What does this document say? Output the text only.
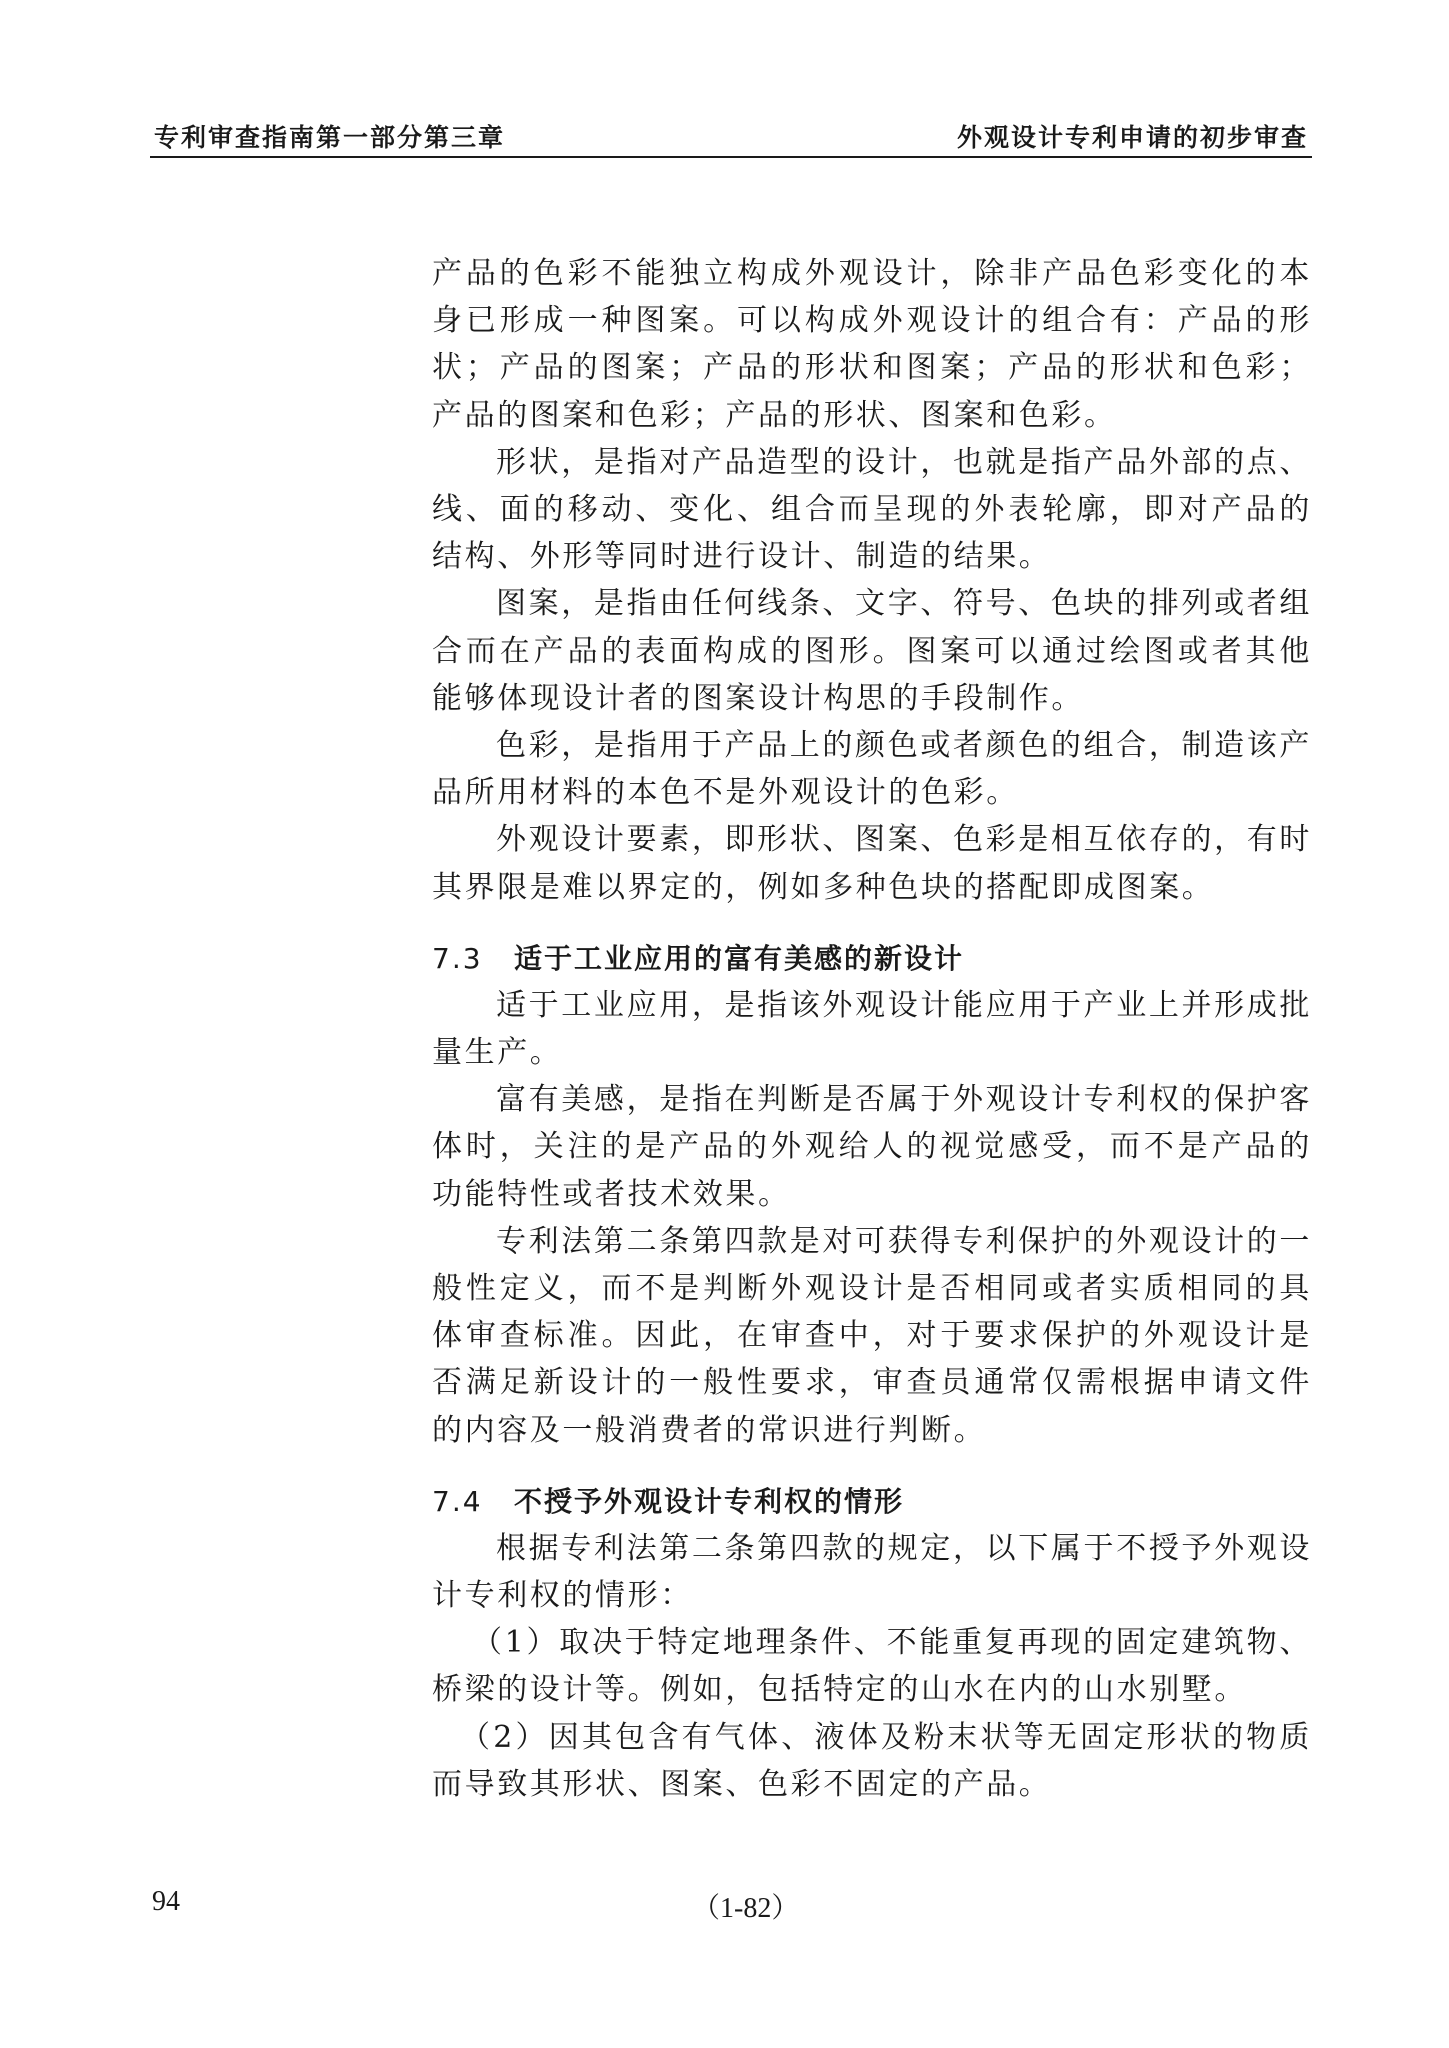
专利审查指南第一部分第三章	外观设计专利申请的初步审查

产品的色彩不能独立构成外观设计，除非产品色彩变化的本身已形成一种图案。可以构成外观设计的组合有：产品的形状；产品的图案；产品的形状和图案；产品的形状和色彩；产品的图案和色彩；产品的形状、图案和色彩。

形状，是指对产品造型的设计，也就是指产品外部的点、线、面的移动、变化、组合而呈现的外表轮廓，即对产品的结构、外形等同时进行设计、制造的结果。

图案，是指由任何线条、文字、符号、色块的排列或者组合而在产品的表面构成的图形。图案可以通过绘图或者其他能够体现设计者的图案设计构思的手段制作。

色彩，是指用于产品上的颜色或者颜色的组合，制造该产品所用材料的本色不是外观设计的色彩。

外观设计要素，即形状、图案、色彩是相互依存的，有时其界限是难以界定的，例如多种色块的搭配即成图案。

7.3 适于工业应用的富有美感的新设计

适于工业应用，是指该外观设计能应用于产业上并形成批量生产。

富有美感，是指在判断是否属于外观设计专利权的保护客体时，关注的是产品的外观给人的视觉感受，而不是产品的功能特性或者技术效果。

专利法第二条第四款是对可获得专利保护的外观设计的一般性定义，而不是判断外观设计是否相同或者实质相同的具体审查标准。因此，在审查中，对于要求保护的外观设计是否满足新设计的一般性要求，审查员通常仅需根据申请文件的内容及一般消费者的常识进行判断。

7.4 不授予外观设计专利权的情形

根据专利法第二条第四款的规定，以下属于不授予外观设计专利权的情形：

（1）取决于特定地理条件、不能重复再现的固定建筑物、桥梁的设计等。例如，包括特定的山水在内的山水别墅。

（2）因其包含有气体、液体及粉末状等无固定形状的物质而导致其形状、图案、色彩不固定的产品。

94	（1-82）
